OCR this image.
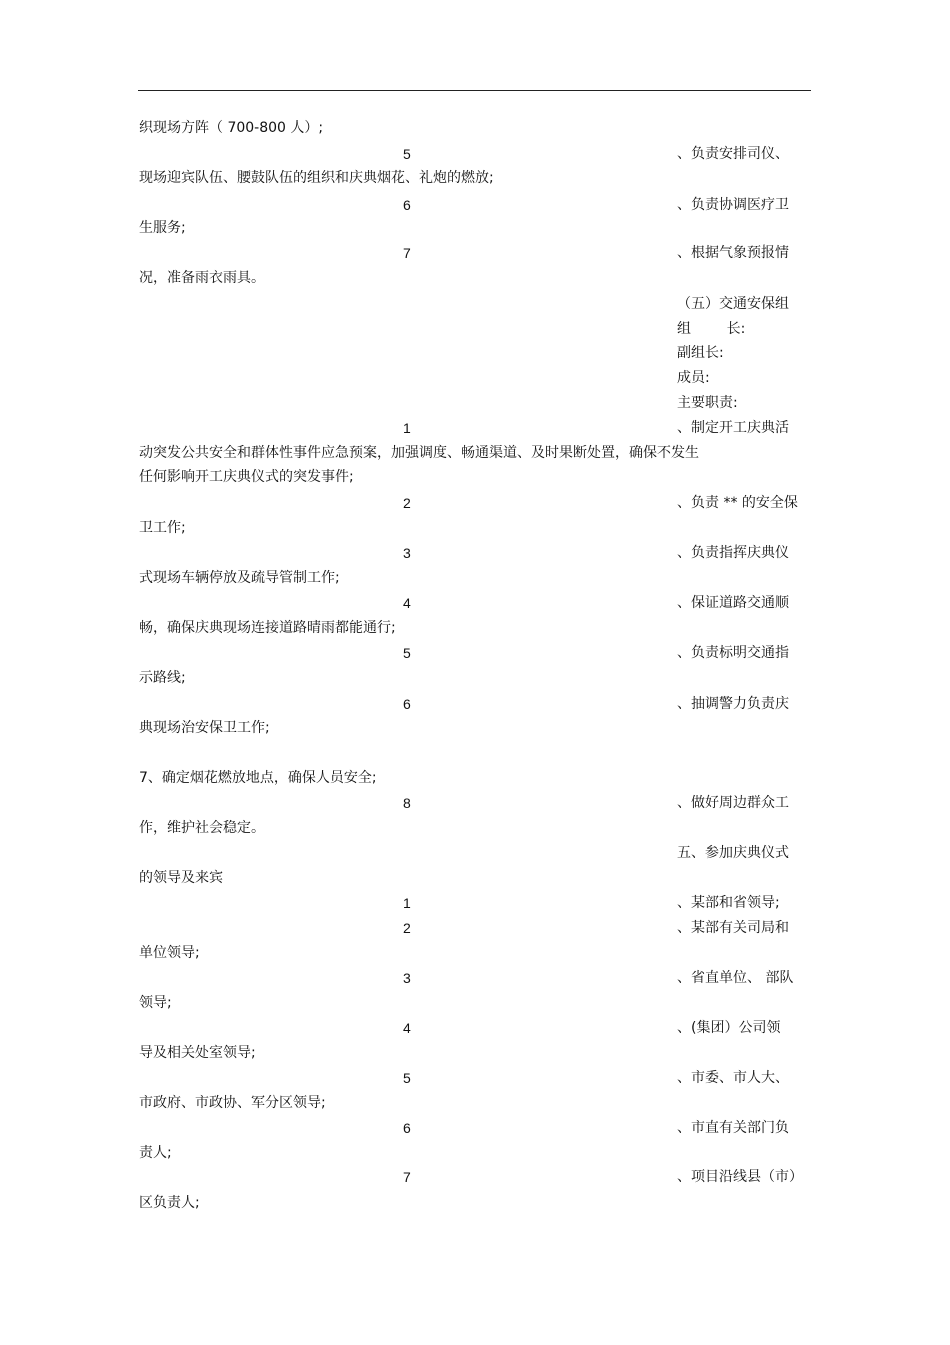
织现场方阵（ 700-800 人）;
5	、负责安排司仪、
现场迎宾队伍、腰鼓队伍的组织和庆典烟花、礼炮的燃放;
6	、负责协调医疗卫
生服务;
7	、根据气象预报情
况，准备雨衣雨具。
（五）交通安保组
组        长:
副组长:
成员:
主要职责:
1	、制定开工庆典活
动突发公共安全和群体性事件应急预案，加强调度、畅通渠道、及时果断处置，确保不发生
任何影响开工庆典仪式的突发事件;
2	、负责 ** 的安全保
卫工作;
3	、负责指挥庆典仪
式现场车辆停放及疏导管制工作;
4	、保证道路交通顺
畅，确保庆典现场连接道路晴雨都能通行;
5	、负责标明交通指
示路线;
6	、抽调警力负责庆
典现场治安保卫工作;
7、确定烟花燃放地点，确保人员安全;
8	、做好周边群众工
作，维护社会稳定。
五、参加庆典仪式
的领导及来宾
1	、某部和省领导;
2	、某部有关司局和
单位领导;
3	、省直单位、 部队
领导;
4	、(集团）公司领
导及相关处室领导;
5	、市委、市人大、
市政府、市政协、军分区领导;
6	、市直有关部门负
责人;
7	、项目沿线县（市）
区负责人;
